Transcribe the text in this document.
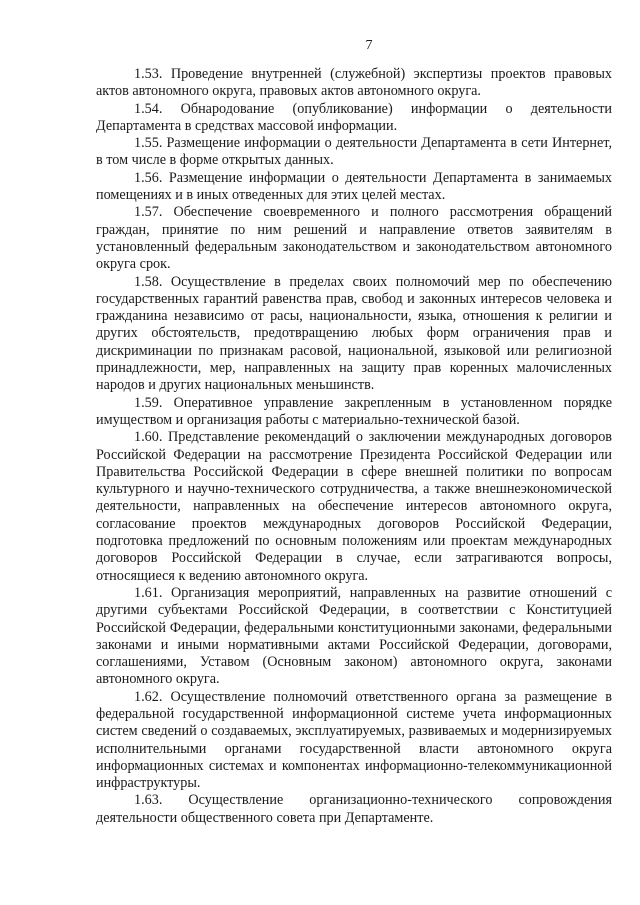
7

1.53. Проведение внутренней (служебной) экспертизы проектов правовых актов автономного округа, правовых актов автономного округа.

1.54. Обнародование (опубликование) информации о деятельности Департамента в средствах массовой информации.

1.55. Размещение информации о деятельности Департамента в сети Интернет, в том числе в форме открытых данных.

1.56. Размещение информации о деятельности Департамента в занимаемых помещениях и в иных отведенных для этих целей местах.

1.57. Обеспечение своевременного и полного рассмотрения обращений граждан, принятие по ним решений и направление ответов заявителям в установленный федеральным законодательством и законодательством автономного округа срок.

1.58. Осуществление в пределах своих полномочий мер по обеспечению государственных гарантий равенства прав, свобод и законных интересов человека и гражданина независимо от расы, национальности, языка, отношения к религии и других обстоятельств, предотвращению любых форм ограничения прав и дискриминации по признакам расовой, национальной, языковой или религиозной принадлежности, мер, направленных на защиту прав коренных малочисленных народов и других национальных меньшинств.

1.59. Оперативное управление закрепленным в установленном порядке имуществом и организация работы с материально-технической базой.

1.60. Представление рекомендаций о заключении международных договоров Российской Федерации на рассмотрение Президента Российской Федерации или Правительства Российской Федерации в сфере внешней политики по вопросам культурного и научно-технического сотрудничества, а также внешнеэкономической деятельности, направленных на обеспечение интересов автономного округа, согласование проектов международных договоров Российской Федерации, подготовка предложений по основным положениям или проектам международных договоров Российской Федерации в случае, если затрагиваются вопросы, относящиеся к ведению автономного округа.

1.61. Организация мероприятий, направленных на развитие отношений с другими субъектами Российской Федерации, в соответствии с Конституцией Российской Федерации, федеральными конституционными законами, федеральными законами и иными нормативными актами Российской Федерации, договорами, соглашениями, Уставом (Основным законом) автономного округа, законами автономного округа.

1.62. Осуществление полномочий ответственного органа за размещение в федеральной государственной информационной системе учета информационных систем сведений о создаваемых, эксплуатируемых, развиваемых и модернизируемых исполнительными органами государственной власти автономного округа информационных системах и компонентах информационно-телекоммуникационной инфраструктуры.

1.63. Осуществление организационно-технического сопровождения деятельности общественного совета при Департаменте.
